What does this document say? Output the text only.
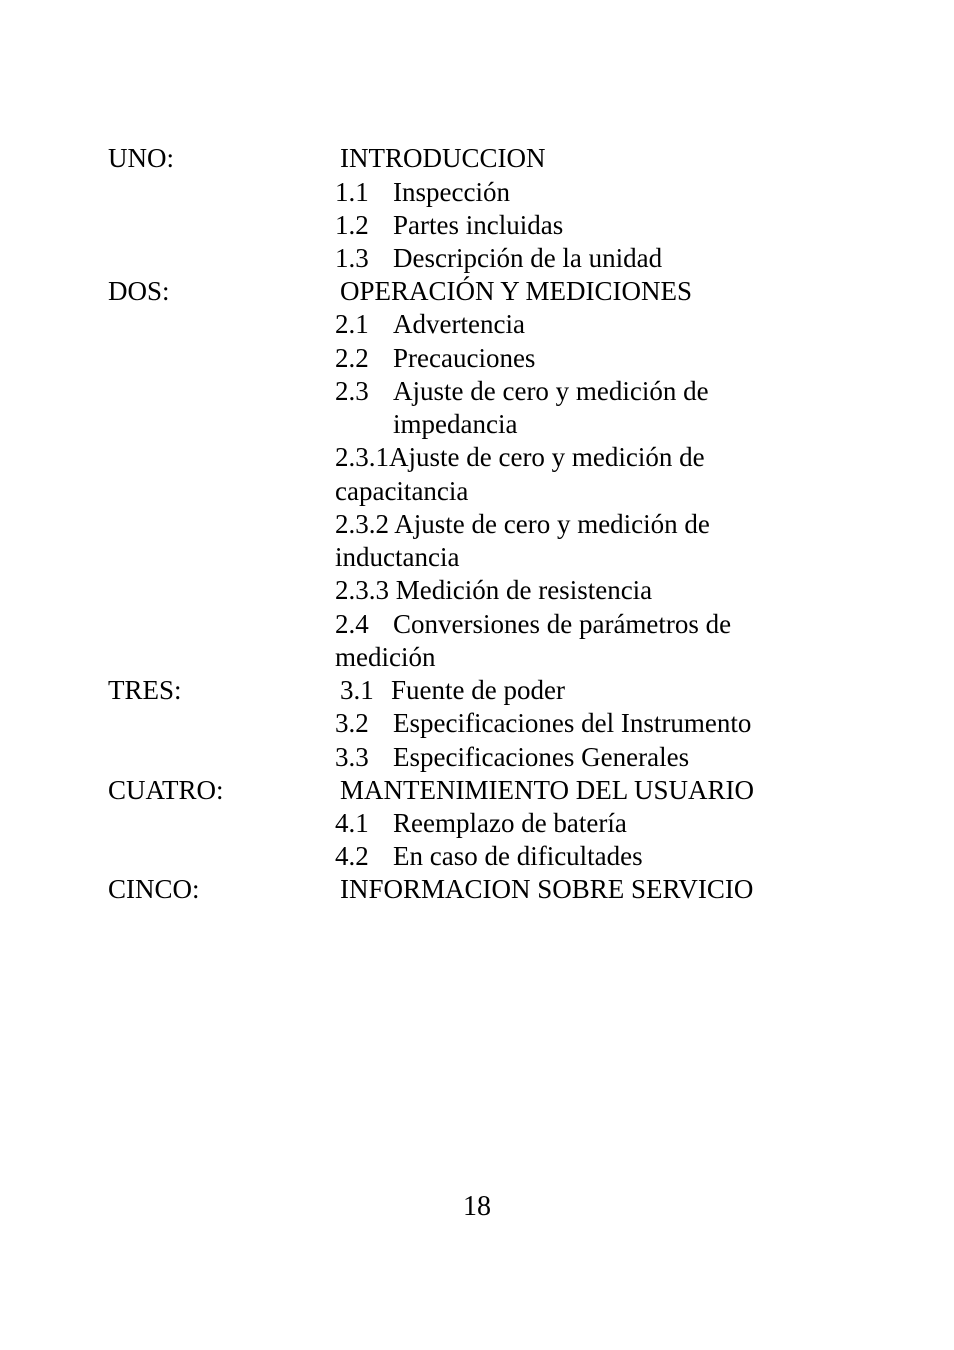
UNO:	INTRODUCCION
1.1 Inspección
1.2 Partes incluidas
1.3 Descripción de la unidad
DOS:	OPERACIÓN Y MEDICIONES
2.1 Advertencia
2.2 Precauciones
2.3 Ajuste de cero y medición de
impedancia
2.3.1Ajuste de cero y medición de
capacitancia
2.3.2 Ajuste de cero y medición de
inductancia
2.3.3 Medición de resistencia
2.4 Conversiones de parámetros de
medición
TRES:	3.1 Fuente de poder
3.2 Especificaciones del Instrumento
3.3 Especificaciones Generales
CUATRO:	MANTENIMIENTO DEL USUARIO
4.1 Reemplazo de batería
4.2 En caso de dificultades
CINCO:	INFORMACION SOBRE SERVICIO
18
